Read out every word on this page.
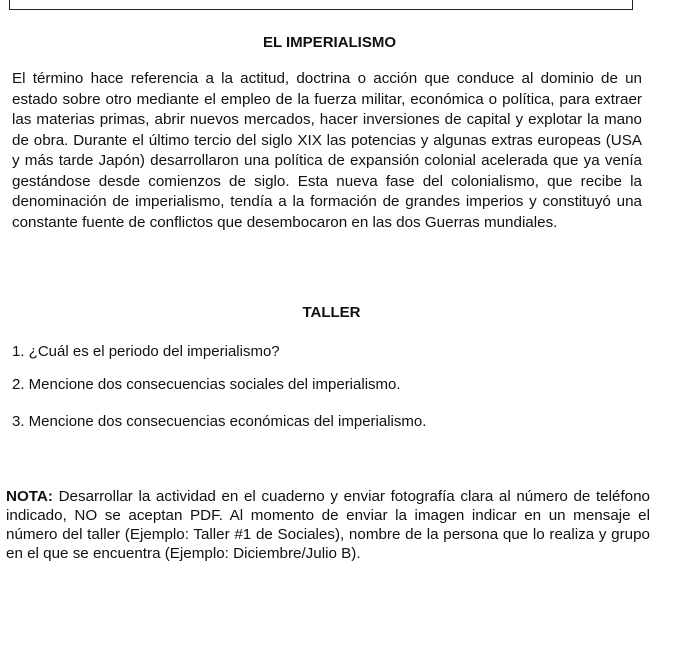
EL IMPERIALISMO

El término hace referencia a la actitud, doctrina o acción que conduce al dominio de un estado sobre otro mediante el empleo de la fuerza militar, económica o política, para extraer las materias primas, abrir nuevos mercados, hacer inversiones de capital y explotar la mano de obra. Durante el último tercio del siglo XIX las potencias y algunas extras europeas (USA y más tarde Japón) desarrollaron una política de expansión colonial acelerada que ya venía gestándose desde comienzos de siglo. Esta nueva fase del colonialismo, que recibe la denominación de imperialismo, tendía a la formación de grandes imperios y constituyó una constante fuente de conflictos que desembocaron en las dos Guerras mundiales.

TALLER

1. ¿Cuál es el periodo del imperialismo?

2. Mencione dos consecuencias sociales del imperialismo.

3. Mencione dos consecuencias económicas del imperialismo.

NOTA: Desarrollar la actividad en el cuaderno y enviar fotografía clara al número de teléfono indicado, NO se aceptan PDF. Al momento de enviar la imagen indicar en un mensaje el número del taller (Ejemplo: Taller #1 de Sociales), nombre de la persona que lo realiza y grupo en el que se encuentra (Ejemplo: Diciembre/Julio B).
